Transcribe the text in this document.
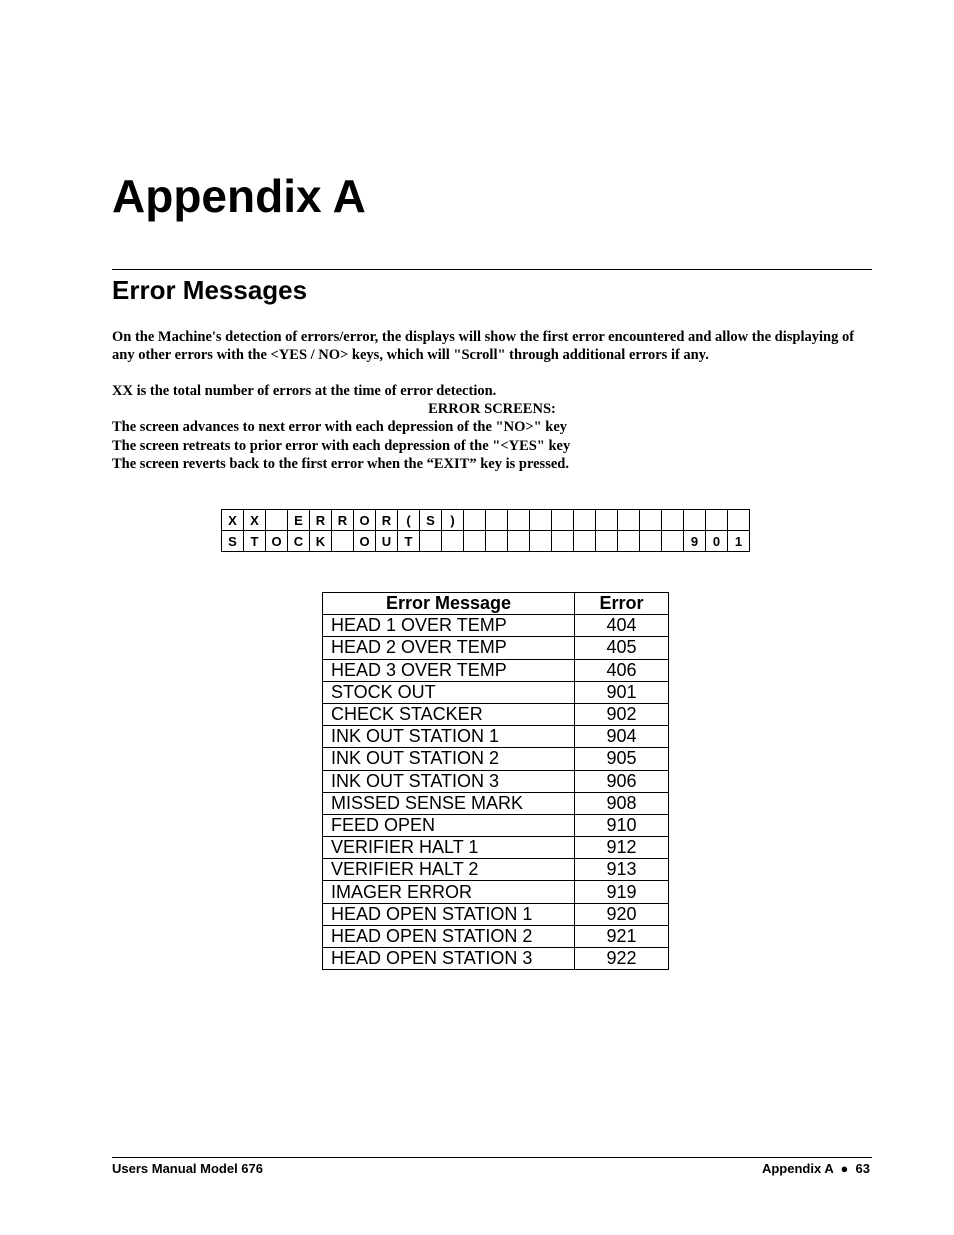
Appendix A
Error Messages

On the Machine's detection of errors/error, the displays will show the first error encountered and allow the displaying of any other errors with the <YES / NO> keys, which will "Scroll" through additional errors if any.

XX is the total number of errors at the time of error detection.

ERROR SCREENS:

The screen advances to next error with each depression of the "NO>" key

The screen retreats to prior error with each depression of the "<YES" key

The screen reverts back to the first error when the “EXIT” key is pressed.

X	X		E	R	R	O	R	(	S	)													
S	T	O	C	K		O	U	T													9	0	1
Error Message	Error
HEAD 1 OVER TEMP	404
HEAD 2 OVER TEMP	405
HEAD 3 OVER TEMP	406
STOCK OUT	901
CHECK STACKER	902
INK OUT STATION 1	904
INK OUT STATION 2	905
INK OUT STATION 3	906
MISSED SENSE MARK	908
FEED OPEN	910
VERIFIER HALT 1	912
VERIFIER HALT 2	913
IMAGER ERROR	919
HEAD OPEN STATION 1	920
HEAD OPEN STATION 2	921
HEAD OPEN STATION 3	922
Users Manual Model 676	Appendix A  ●  63
